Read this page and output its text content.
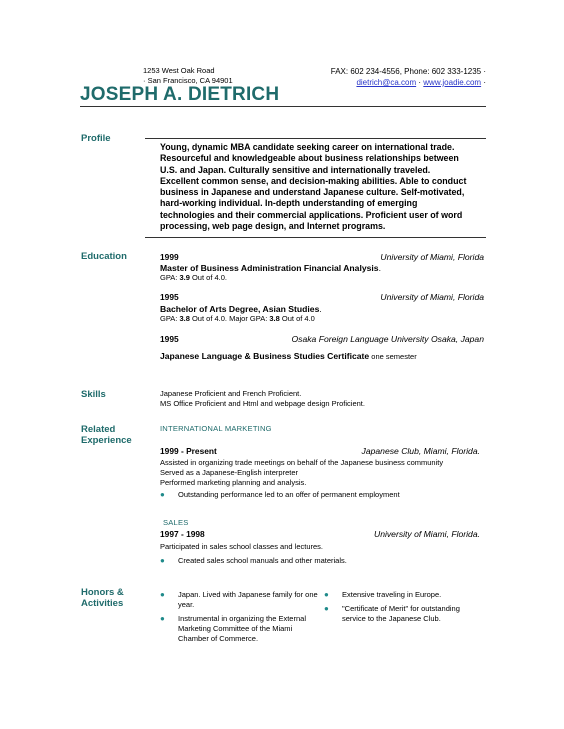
1253 West Oak Road
· San Francisco, CA 94901
FAX: 602 234-4556, Phone: 602 333-1235 ·
dietrich@ca.com · www.joadie.com ·
JOSEPH A. DIETRICH
Profile
Young, dynamic MBA candidate seeking career on international trade.
Resourceful and knowledgeable about business relationships between
U.S. and Japan. Culturally sensitive and internationally traveled.
Excellent common sense, and decision-making abilities. Able to conduct
business in Japanese and understand Japanese culture. Self-motivated,
hard-working individual. In-depth understanding of emerging
technologies and their commercial applications. Proficient user of word
processing, web page design, and Internet programs.
Education	1999	University of Miami, Florida
Master of Business Administration Financial Analysis.
GPA: 3.9 Out of 4.0.
1995	University of Miami, Florida
Bachelor of Arts Degree, Asian Studies.
GPA: 3.8 Out of 4.0. Major GPA: 3.8 Out of 4.0
1995	Osaka Foreign Language University Osaka, Japan
Japanese Language & Business Studies Certificate one semester
Skills	Japanese Proficient and French Proficient.
MS Office Proficient and Html and webpage design Proficient.
Related
Experience
INTERNATIONAL MARKETING
1999 - Present	Japanese Club, Miami, Florida.
Assisted in organizing trade meetings on behalf of the Japanese business community
Served as a Japanese-English interpreter
Performed marketing planning and analysis.
● Outstanding performance led to an offer of permanent employment
SALES
1997 - 1998	University of Miami, Florida.
Participated in sales school classes and lectures.
● Created sales school manuals and other materials.
Honors &
Activities
● Japan. Lived with Japanese family for one year.
● Instrumental in organizing the External Marketing Committee of the Miami Chamber of Commerce.
● Extensive traveling in Europe.
● "Certificate of Merit" for outstanding service to the Japanese Club.
